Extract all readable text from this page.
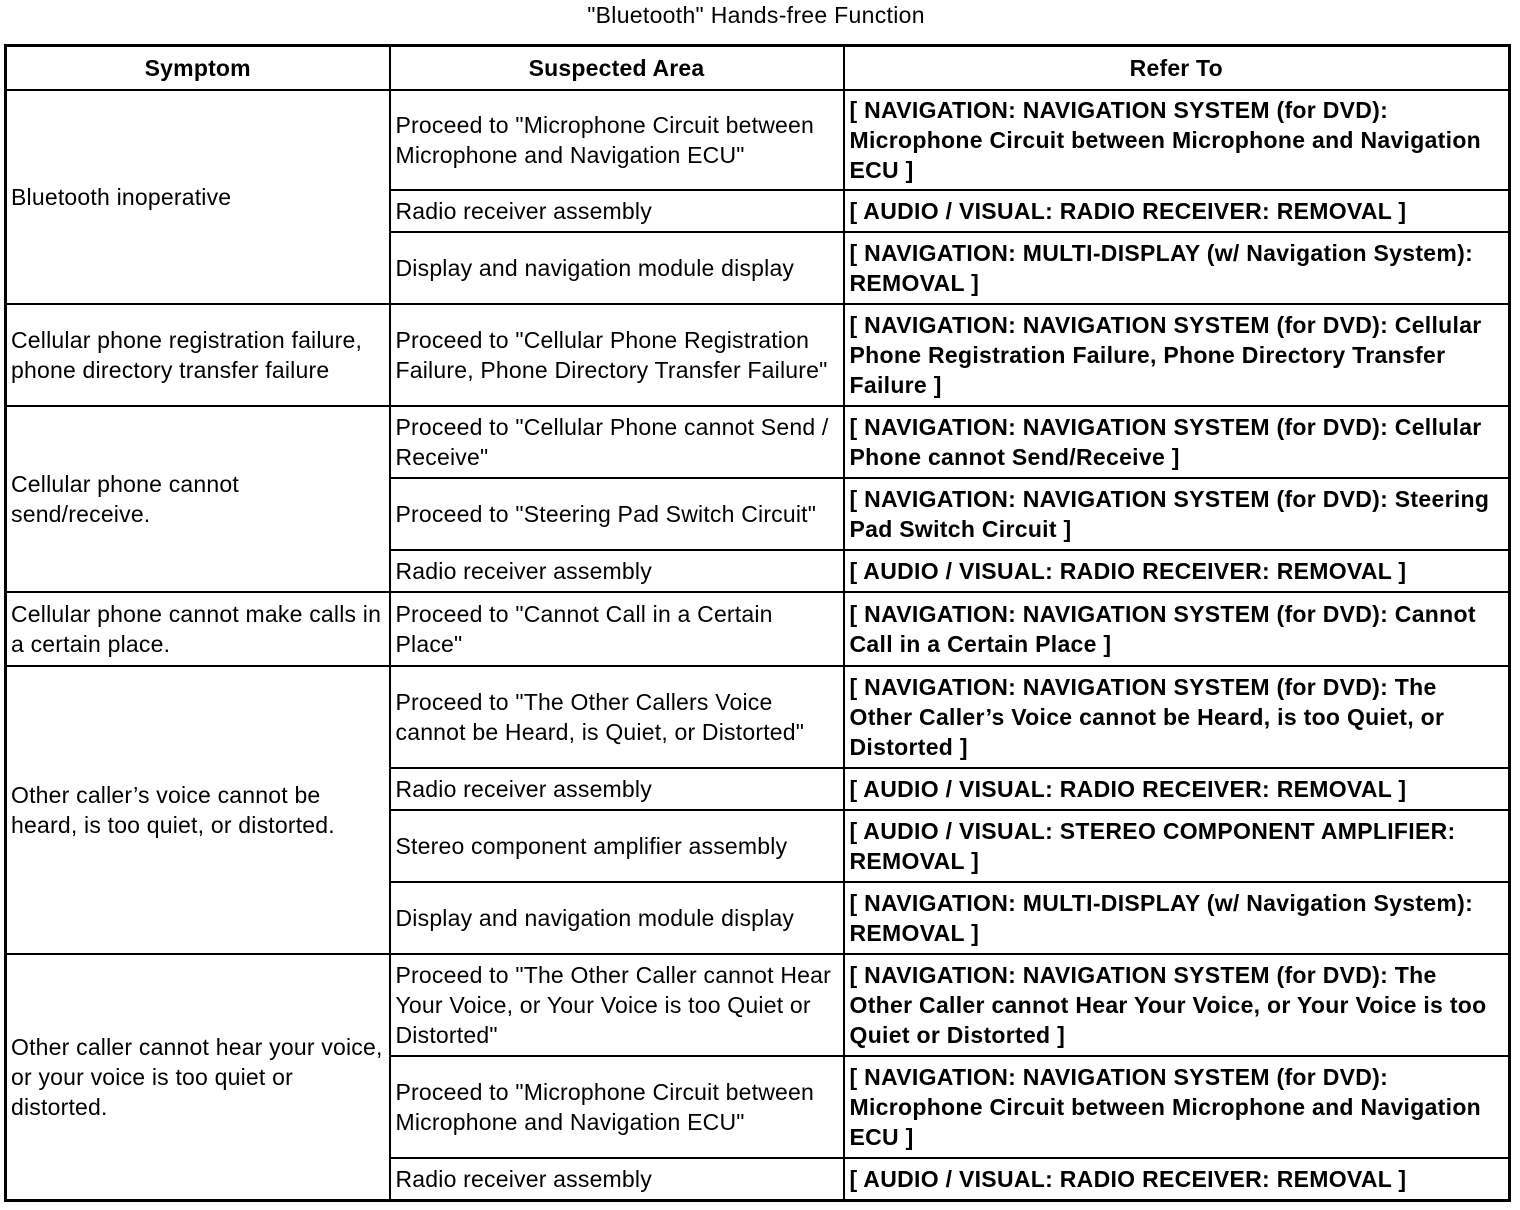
"Bluetooth" Hands-free Function
Symptom	Suspected Area	Refer To
Bluetooth inoperative	Proceed to "Microphone Circuit between Microphone and Navigation ECU"	[ NAVIGATION: NAVIGATION SYSTEM (for DVD): Microphone Circuit between Microphone and Navigation ECU ]
	Radio receiver assembly	[ AUDIO / VISUAL: RADIO RECEIVER: REMOVAL ]
	Display and navigation module display	[ NAVIGATION: MULTI-DISPLAY (w/ Navigation System): REMOVAL ]
Cellular phone registration failure, phone directory transfer failure	Proceed to "Cellular Phone Registration Failure, Phone Directory Transfer Failure"	[ NAVIGATION: NAVIGATION SYSTEM (for DVD): Cellular Phone Registration Failure, Phone Directory Transfer Failure ]
Cellular phone cannot send/receive.	Proceed to "Cellular Phone cannot Send / Receive"	[ NAVIGATION: NAVIGATION SYSTEM (for DVD): Cellular Phone cannot Send/Receive ]
	Proceed to "Steering Pad Switch Circuit"	[ NAVIGATION: NAVIGATION SYSTEM (for DVD): Steering Pad Switch Circuit ]
	Radio receiver assembly	[ AUDIO / VISUAL: RADIO RECEIVER: REMOVAL ]
Cellular phone cannot make calls in a certain place.	Proceed to "Cannot Call in a Certain Place"	[ NAVIGATION: NAVIGATION SYSTEM (for DVD): Cannot Call in a Certain Place ]
Other caller’s voice cannot be heard, is too quiet, or distorted.	Proceed to "The Other Callers Voice cannot be Heard, is Quiet, or Distorted"	[ NAVIGATION: NAVIGATION SYSTEM (for DVD): The Other Caller’s Voice cannot be Heard, is too Quiet, or Distorted ]
	Radio receiver assembly	[ AUDIO / VISUAL: RADIO RECEIVER: REMOVAL ]
	Stereo component amplifier assembly	[ AUDIO / VISUAL: STEREO COMPONENT AMPLIFIER: REMOVAL ]
	Display and navigation module display	[ NAVIGATION: MULTI-DISPLAY (w/ Navigation System): REMOVAL ]
Other caller cannot hear your voice, or your voice is too quiet or distorted.	Proceed to "The Other Caller cannot Hear Your Voice, or Your Voice is too Quiet or Distorted"	[ NAVIGATION: NAVIGATION SYSTEM (for DVD): The Other Caller cannot Hear Your Voice, or Your Voice is too Quiet or Distorted ]
	Proceed to "Microphone Circuit between Microphone and Navigation ECU"	[ NAVIGATION: NAVIGATION SYSTEM (for DVD): Microphone Circuit between Microphone and Navigation ECU ]
	Radio receiver assembly	[ AUDIO / VISUAL: RADIO RECEIVER: REMOVAL ]
